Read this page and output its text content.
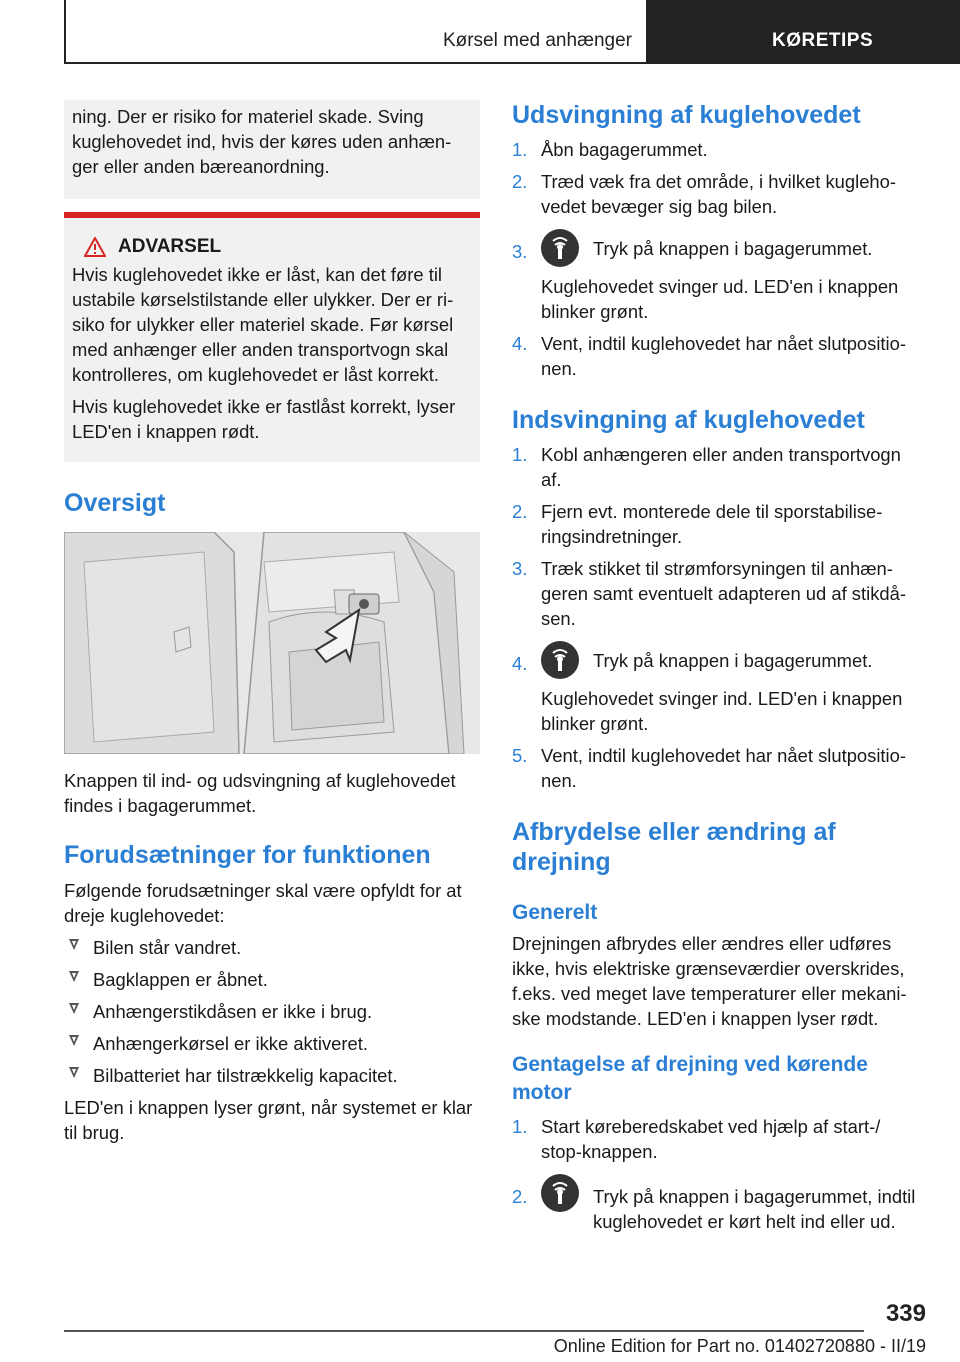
Kørsel med anhænger	KØRETIPS

ning. Der er risiko for materiel skade. Sving kuglehovedet ind, hvis der køres uden anhæn‐ger eller anden bæreanordning.

ADVARSEL

Hvis kuglehovedet ikke er låst, kan det føre til ustabile kørselstilstande eller ulykker. Der er ri‐siko for ulykker eller materiel skade. Før kørsel med anhænger eller anden transportvogn skal kontrolleres, om kuglehovedet er låst korrekt.

Hvis kuglehovedet ikke er fastlåst korrekt, lyser LED'en i knappen rødt.

Oversigt

Knappen til ind- og udsvingning af kuglehovedet findes i bagagerummet.

Forudsætninger for funktionen

Følgende forudsætninger skal være opfyldt for at dreje kuglehovedet:

Bilen står vandret.
Bagklappen er åbnet.
Anhængerstikdåsen er ikke i brug.
Anhængerkørsel er ikke aktiveret.
Bilbatteriet har tilstrækkelig kapacitet.

LED'en i knappen lyser grønt, når systemet er klar til brug.

Udsvingning af kuglehovedet
1. Åbn bagagerummet.
2. Træd væk fra det område, i hvilket kugleho‐vedet bevæger sig bag bilen.
3.	Tryk på knappen i bagagerummet.
Kuglehovedet svinger ud. LED'en i knappen blinker grønt.
4. Vent, indtil kuglehovedet har nået slutpositio‐nen.
Indsvingning af kuglehovedet
1. Kobl anhængeren eller anden transportvogn af.
2. Fjern evt. monterede dele til sporstabilise‐ringsindretninger.
3. Træk stikket til strømforsyningen til anhæn‐geren samt eventuelt adapteren ud af stikdå‐sen.
4.	Tryk på knappen i bagagerummet.
Kuglehovedet svinger ind. LED'en i knappen blinker grønt.
5. Vent, indtil kuglehovedet har nået slutpositio‐nen.
Afbrydelse eller ændring af drejning
Generelt

Drejningen afbrydes eller ændres eller udføres ikke, hvis elektriske grænseværdier overskrides, f.eks. ved meget lave temperaturer eller mekani‐ske modstande. LED'en i knappen lyser rødt.

Gentagelse af drejning ved kørende motor
1. Start køreberedskabet ved hjælp af start-/ stop-knappen.
2.	Tryk på knappen i bagagerummet, indtil kuglehovedet er kørt helt ind eller ud.
339
Online Edition for Part no. 01402720880 - II/19
